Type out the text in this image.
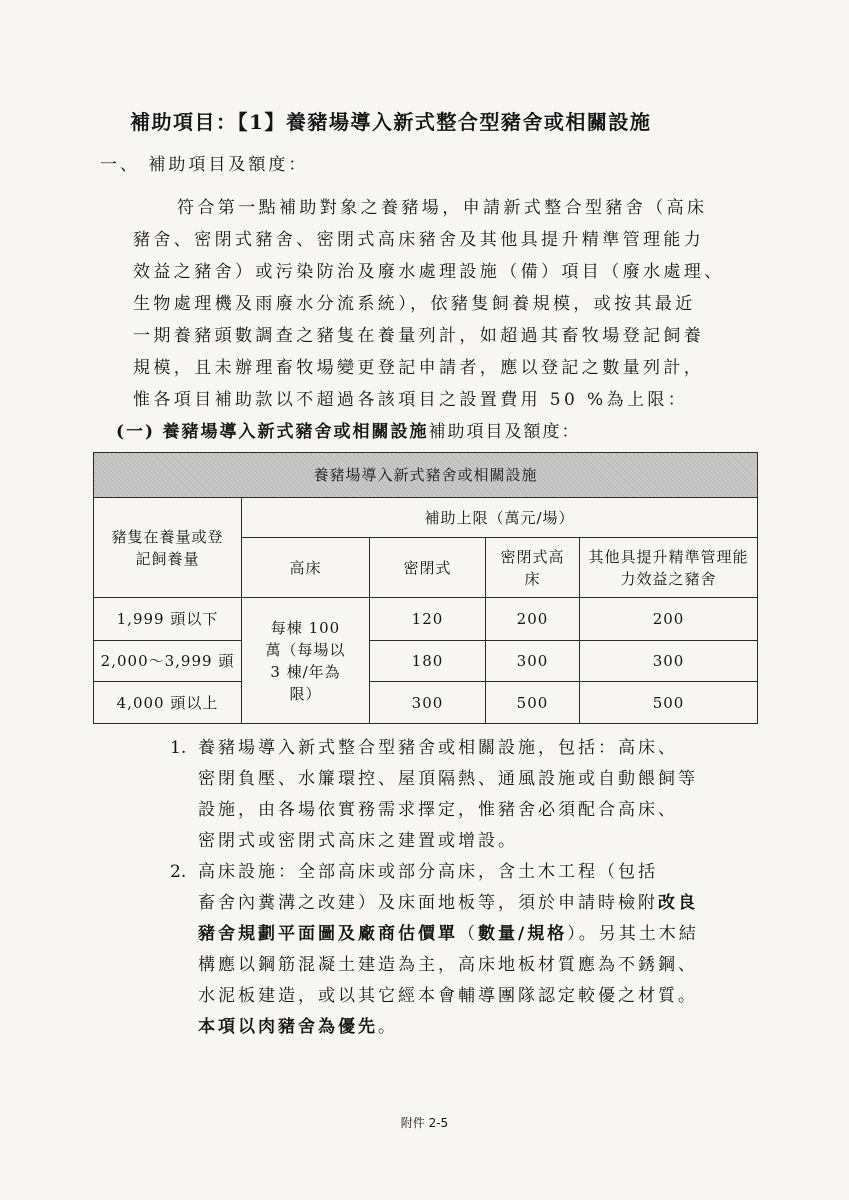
補助項目：【1】養豬場導入新式整合型豬舍或相關設施
一、 補助項目及額度：
符合第一點補助對象之養豬場，申請新式整合型豬舍（高床
豬舍、密閉式豬舍、密閉式高床豬舍及其他具提升精準管理能力
效益之豬舍）或污染防治及廢水處理設施（備）項目（廢水處理、
生物處理機及雨廢水分流系統），依豬隻飼養規模，或按其最近
一期養豬頭數調查之豬隻在養量列計，如超過其畜牧場登記飼養
規模，且未辦理畜牧場變更登記申請者，應以登記之數量列計，
惟各項目補助款以不超過各該項目之設置費用 50 %為上限：
(一) 養豬場導入新式豬舍或相關設施補助項目及額度：
養豬場導入新式豬舍或相關設施				
豬隻在養量或登記飼養量	補助上限（萬元/場）			
	高床	密閉式	密閉式高床	其他具提升精準管理能力效益之豬舍
1,999 頭以下	每棟 100 萬（每場以 3 棟/年為限）	120	200	200
2,000～3,999 頭		180	300	300
4,000 頭以上		300	500	500
1. 養豬場導入新式整合型豬舍或相關設施，包括：高床、
密閉負壓、水簾環控、屋頂隔熱、通風設施或自動餵飼等
設施，由各場依實務需求擇定，惟豬舍必須配合高床、
密閉式或密閉式高床之建置或增設。
2. 高床設施：全部高床或部分高床，含土木工程（包括
畜舍內糞溝之改建）及床面地板等，須於申請時檢附改良
豬舍規劃平面圖及廠商估價單（數量/規格）。另其土木結
構應以鋼筋混凝土建造為主，高床地板材質應為不銹鋼、
水泥板建造，或以其它經本會輔導團隊認定較優之材質。
本項以肉豬舍為優先。
附件 2-5
